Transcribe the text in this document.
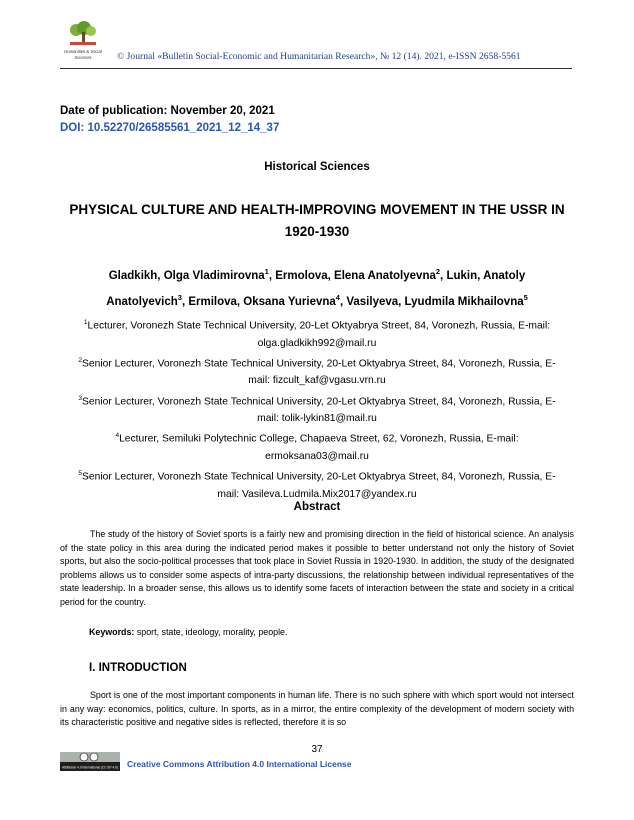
Humanities & Social
Sciences	© Journal «Bulletin Social-Economic and Humanitarian Research», № 12 (14). 2021, e-ISSN 2658-5561
Date of publication: November 20, 2021
DOI: 10.52270/26585561_2021_12_14_37
Historical Sciences
PHYSICAL CULTURE AND HEALTH-IMPROVING MOVEMENT IN THE USSR IN 1920-1930
Gladkikh, Olga Vladimirovna$^1$, Ermolova, Elena Anatolyevna$^2$, Lukin, Anatoly Anatolyevich$^3$, Ermilova, Oksana Yurievna$^4$, Vasilyeva, Lyudmila Mikhailovna$^5$

$^1$Lecturer, Voronezh State Technical University, 20-Let Oktyabrya Street, 84, Voronezh, Russia, E-mail: olga.gladkikh992@mail.ru

$^2$Senior Lecturer, Voronezh State Technical University, 20-Let Oktyabrya Street, 84, Voronezh, Russia, E-mail: fizcult_kaf@vgasu.vrn.ru

$^3$Senior Lecturer, Voronezh State Technical University, 20-Let Oktyabrya Street, 84, Voronezh, Russia, E-mail: tolik-lykin81@mail.ru

$^4$Lecturer, Semiluki Polytechnic College, Chapaeva Street, 62, Voronezh, Russia, E-mail: ermoksana03@mail.ru

$^5$Senior Lecturer, Voronezh State Technical University, 20-Let Oktyabrya Street, 84, Voronezh, Russia, E-mail: Vasileva.Ludmila.Mix2017@yandex.ru

Abstract
The study of the history of Soviet sports is a fairly new and promising direction in the field of historical science. An analysis of the state policy in this area during the indicated period makes it possible to better understand not only the history of Soviet sports, but also the socio-political processes that took place in Soviet Russia in 1920-1930. In addition, the study of the designated problems allows us to consider some aspects of intra-party discussions, the relationship between individual representatives of the state leadership. In a broader sense, this allows us to identify some facets of interaction between the state and society in a critical period for the country.
Keywords: sport, state, ideology, morality, people.
I. INTRODUCTION
Sport is one of the most important components in human life. There is no such sphere with which sport would not intersect in any way: economics, politics, culture. In sports, as in a mirror, the entire complexity of the development of modern society with its characteristic positive and negative sides is reflected, therefore it is so
37
Attribution 4.0 International (CC BY 4.0) Creative Commons Attribution 4.0 International License
